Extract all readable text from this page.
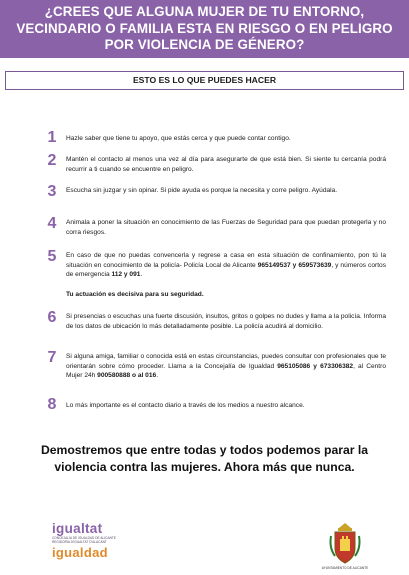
¿CREES QUE ALGUNA MUJER DE TU ENTORNO,
VECINDARIO O FAMILIA ESTA EN RIESGO O EN PELIGRO
POR VIOLENCIA DE GÉNERO?
ESTO ES LO QUE PUEDES HACER
1	Hazle saber que tiene tu apoyo, que estás cerca y que puede contar contigo.
2	Mantén el contacto al menos una vez al día para asegurarte de que está bien. Si siente tu cercanía podrá recurrir a ti cuando se encuentre en peligro.
3	Escucha sin juzgar y sin opinar. Si pide ayuda es porque la necesita y corre peligro. Ayúdala.
4	Animala a poner la situación en conocimiento de las Fuerzas de Seguridad para que puedan protegerla y no corra riesgos.
5	En caso de que no puedas convencerla y regrese a casa en esta situación de confinamiento, pon tú la situación en conocimiento de la policía- Policía Local de Alicante 965149537 y 659573639, y números cortos de emergencia 112 y 091.
Tu actuación es decisiva para su seguridad.
6	Si presencias o escuchas una fuerte discusión, insultos, gritos o golpes no dudes y llama a la policía. Informa de los datos de ubicación lo más detalladamente posible. La policía acudirá al domicilio.
7	Si alguna amiga, familiar o conocida está en estas circunstancias, puedes consultar con profesionales que te orientarán sobre cómo proceder. Llama a la Concejalía de Igualdad 965105086 y 673306382, al Centro Mujer 24h 900580888 o al 016.
8	Lo más importante es el contacto diario a través de los medios a nuestro alcance.
Demostremos que entre todas y todos podemos parar la
violencia contra las mujeres. Ahora más que nunca.
igualtat
CONCEJALÍA DE IGUALDAD DE ALICANTE REGIDORIA D'IGUALTAT D'ALACANT
igualdad
AYUNTAMIENTO DE ALICANTE
